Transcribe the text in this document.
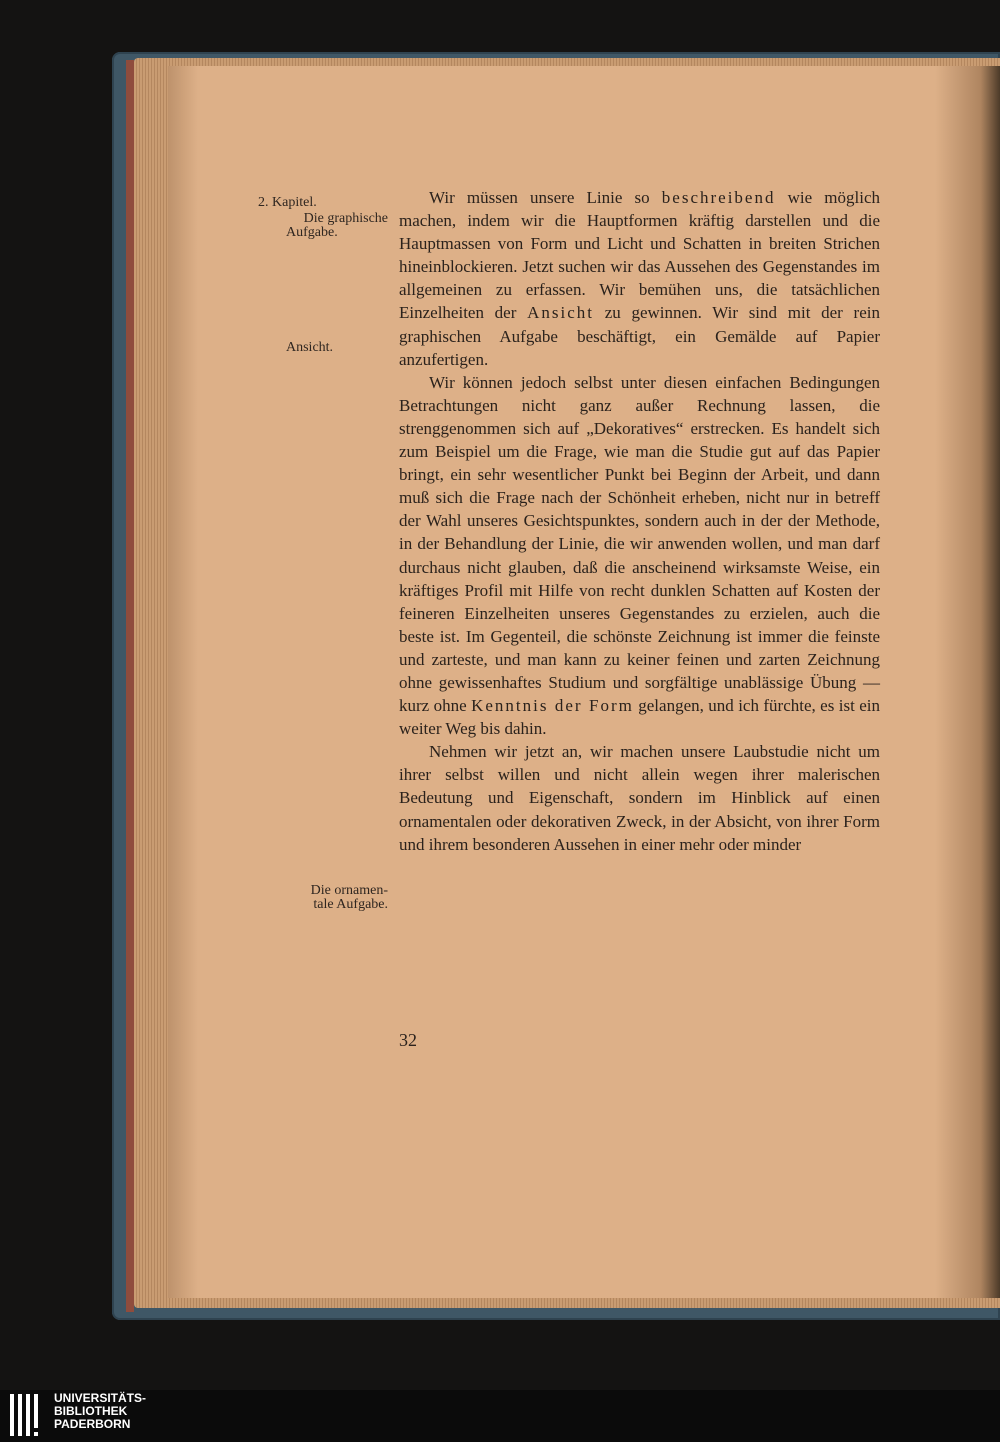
2. Kapitel.
Die graphische
Aufgabe.
Ansicht.
Die ornamen-
tale Aufgabe.

Wir müssen unsere Linie so beschreibend wie möglich machen, indem wir die Hauptformen kräftig darstellen und die Hauptmassen von Form und Licht und Schatten in breiten Strichen hineinblockieren. Jetzt suchen wir das Aussehen des Gegenstandes im allgemeinen zu erfassen. Wir bemühen uns, die tatsächlichen Einzelheiten der Ansicht zu gewinnen. Wir sind mit der rein graphischen Aufgabe beschäftigt, ein Gemälde auf Papier anzufertigen.

Wir können jedoch selbst unter diesen einfachen Bedingungen Betrachtungen nicht ganz außer Rechnung lassen, die strenggenommen sich auf „Dekoratives“ erstrecken. Es handelt sich zum Beispiel um die Frage, wie man die Studie gut auf das Papier bringt, ein sehr wesentlicher Punkt bei Beginn der Arbeit, und dann muß sich die Frage nach der Schönheit erheben, nicht nur in betreff der Wahl unseres Gesichtspunktes, sondern auch in der der Methode, in der Behandlung der Linie, die wir anwenden wollen, und man darf durchaus nicht glauben, daß die anscheinend wirksamste Weise, ein kräftiges Profil mit Hilfe von recht dunklen Schatten auf Kosten der feineren Einzelheiten unseres Gegenstandes zu erzielen, auch die beste ist. Im Gegenteil, die schönste Zeichnung ist immer die feinste und zarteste, und man kann zu keiner feinen und zarten Zeichnung ohne gewissenhaftes Studium und sorgfältige unablässige Übung — kurz ohne Kenntnis der Form gelangen, und ich fürchte, es ist ein weiter Weg bis dahin.

Nehmen wir jetzt an, wir machen unsere Laubstudie nicht um ihrer selbst willen und nicht allein wegen ihrer malerischen Bedeutung und Eigenschaft, sondern im Hinblick auf einen ornamentalen oder dekorativen Zweck, in der Absicht, von ihrer Form und ihrem besonderen Aussehen in einer mehr oder minder

32
UNIVERSITÄTS-
BIBLIOTHEK
PADERBORN
